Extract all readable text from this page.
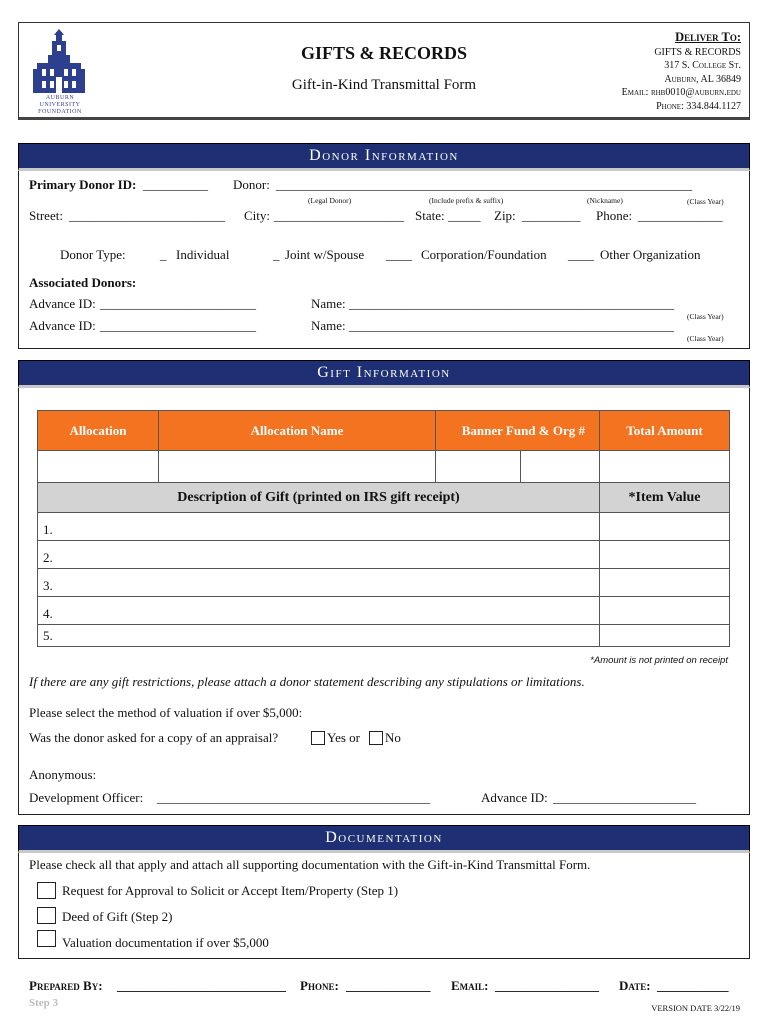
AUBURN UNIVERSITY FOUNDATION
GIFTS & RECORDS
Gift-in-Kind Transmittal Form
Deliver To:
GIFTS & RECORDS
317 S. College St.
Auburn, AL 36849
Email: rhb0010@auburn.edu
Phone: 334.844.1127
Donor Information
Primary Donor ID: __________ Donor: ________________________________________________________________
(Legal Donor)	(Include prefix & suffix)	(Nickname)	(Class Year)
Street: ________________________ City: ____________________ State: _____ Zip: _________ Phone: _____________
Donor Type:	_ Individual	_ Joint w/Spouse ____ Corporation/Foundation ____ Other Organization
Associated Donors:
Advance ID: ________________________	Name: __________________________________________________
(Class Year)
Advance ID: ________________________	Name: __________________________________________________
(Class Year)
Gift Information
Allocation	Allocation Name	Banner Fund & Org #		Total Amount

Description of Gift (printed on IRS gift receipt)				*Item Value
1.				
2.				
3.				
4.				
5.				
*Amount is not printed on receipt
If there are any gift restrictions, please attach a donor statement describing any stipulations or limitations.
Please select the method of valuation if over $5,000:
Was the donor asked for a copy of an appraisal?	Yes or No
Anonymous:
Development Officer: __________________________________________	Advance ID: ______________________
Documentation
Please check all that apply and attach all supporting documentation with the Gift-in-Kind Transmittal Form.
Request for Approval to Solicit or Accept Item/Property (Step 1)
Deed of Gift (Step 2)
Valuation documentation if over $5,000
Prepared By: __________________________ Phone: _____________ Email: ________________ Date: ___________
Step 3	VERSION DATE 3/22/19
